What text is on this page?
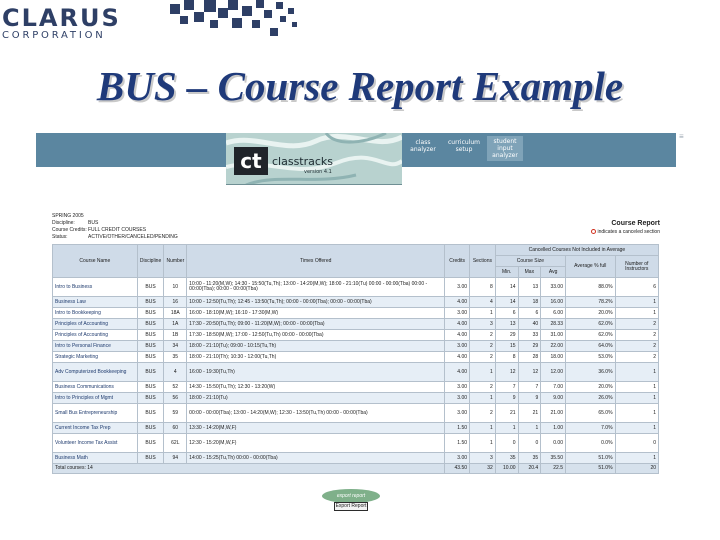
CLARUS
CORPORATION
BUS – Course Report Example
ct classtracks
version 4.1
class analyzer
curriculum setup
student input analyzer
SPRING 2005
Discipline:	BUS
Course Credits:FULL CREDIT COURSES
Status:	ACTIVE/OTHER/CANCELED/PENDING
Course Report
indicates a canceled section
Course Name	Discipline	Number	Times Offered	Credits	Sections	Cancelled Courses Not Included in Average				
						Course Size			Average % full	Number of Instructors
						Min.	Max	Avg		
Intro to Business	BUS	10	10:00 - 11:20(M,W); 14:30 - 15:50(Tu,Th); 13:00 - 14:20(M,W); 18:00 - 21:10(Tu) 00:00 - 00:00(Tba) 00:00 - 00:00(Tba); 00:00 - 00:00(Tba)	3.00	8	14	13	33.00	88.0%	6
Business Law	BUS	16	10:00 - 12:50(Tu,Th); 12:45 - 13:50(Tu,Th); 00:00 - 00:00(Tba); 00:00 - 00:00(Tba)	4.00	4	14	18	16.00	78.2%	1
Intro to Bookkeeping	BUS	18A	16:00 - 18:10(M,W); 16:10 - 17:30(M,W)	3.00	1	6	6	6.00	20.0%	1
Principles of Accounting	BUS	1A	17:30 - 20:50(Tu,Th); 09:00 - 11:20(M,W); 00:00 - 00:00(Tba)	4.00	3	13	40	28.33	62.0%	2
Principles of Accounting	BUS	1B	17:30 - 18:50(M,W); 17:00 - 12:50(Tu,Th) 00:00 - 00:00(Tba)	4.00	2	29	33	31.00	62.0%	2
Intro to Personal Finance	BUS	34	18:00 - 21:10(Tu); 09:00 - 10:15(Tu,Th)	3.00	2	15	29	22.00	64.0%	2
Strategic Marketing	BUS	35	18:00 - 21:10(Th); 10:30 - 12:00(Tu,Th)	4.00	2	8	28	18.00	53.0%	2
Adv Computerized Bookkeeping	BUS	4	16:00 - 19:30(Tu,Th)	4.00	1	12	12	12.00	36.0%	1
Business Communications	BUS	52	14:30 - 15:50(Tu,Th); 12:30 - 13:20(W)	3.00	2	7	7	7.00	20.0%	1
Intro to Principles of Mgmt	BUS	56	18:00 - 21:10(Tu)	3.00	1	9	9	9.00	26.0%	1
Small Bus Entrepreneurship	BUS	59	00:00 - 00:00(Tba); 13:00 - 14:20(M,W); 12:30 - 13:50(Tu,Th) 00:00 - 00:00(Tba)	3.00	2	21	21	21.00	65.0%	1
Current Income Tax Prep	BUS	60	13:30 - 14:20(M,W,F)	1.50	1	1	1	1.00	7.0%	1
Volunteer Income Tax Assist	BUS	62L	12:30 - 15:20(M,W,F)	1.50	1	0	0	0.00	0.0%	0
Business Math	BUS	94	14:00 - 15:25(Tu,Th) 00:00 - 00:00(Tba)	3.00	3	35	35	35.50	51.0%	1
Total courses: 14				43.50	32	10.00	20.4	22.5	51.0%	20
export report
Export Report
≡
